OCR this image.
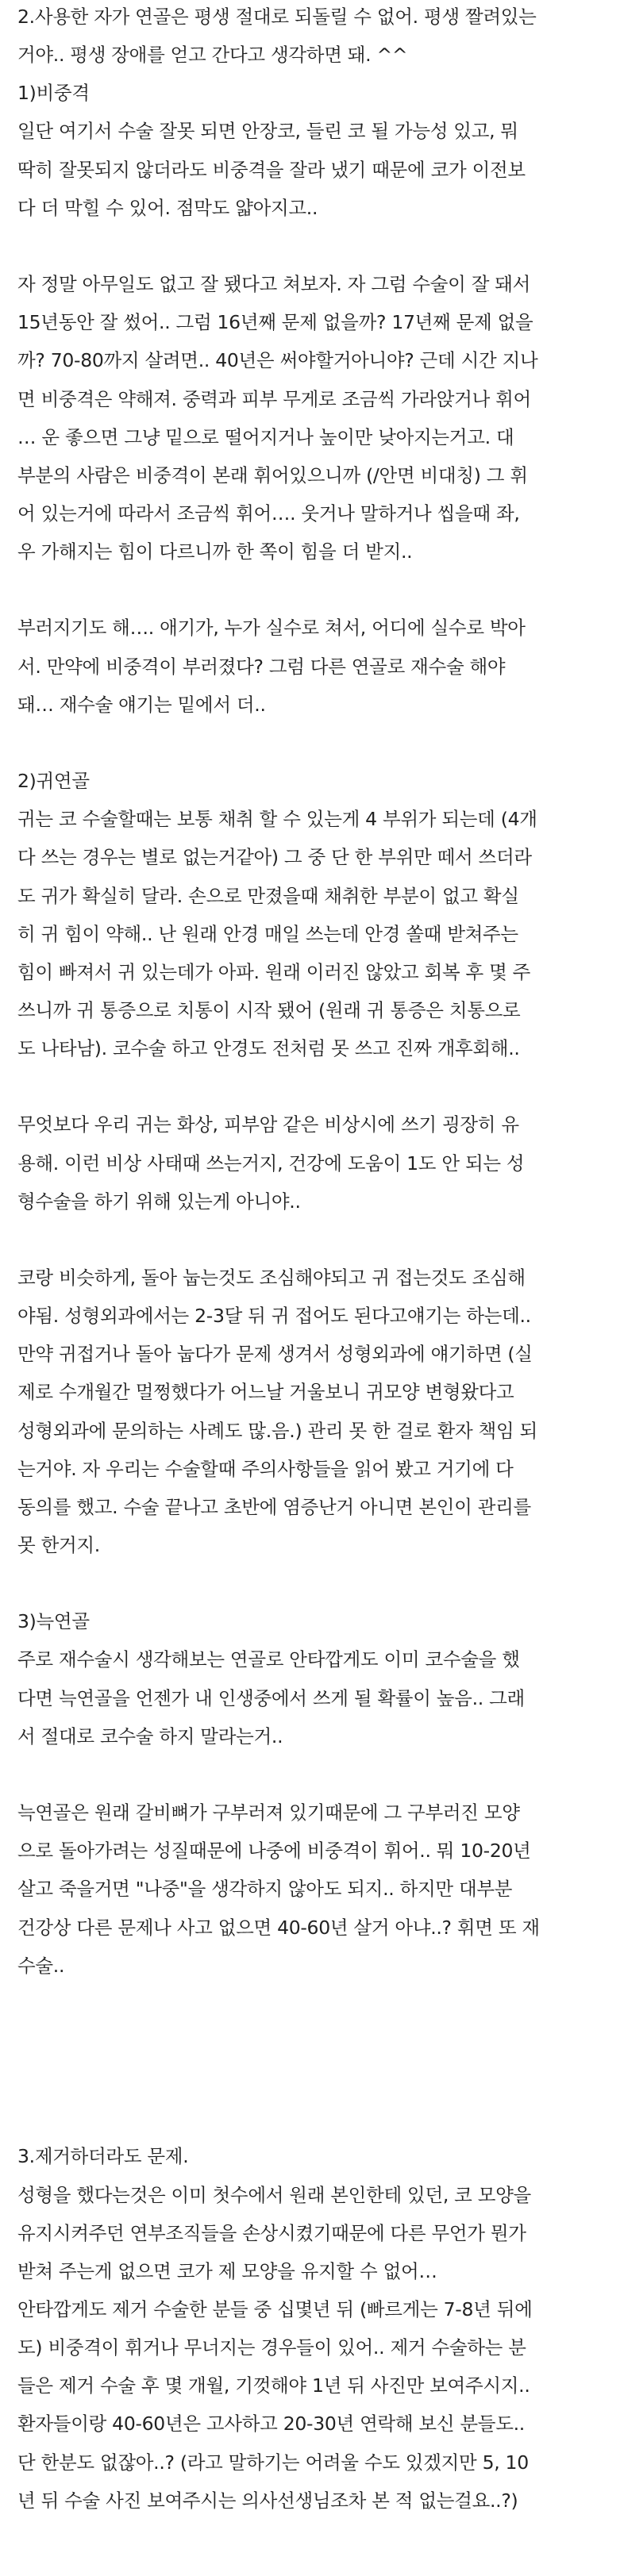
2.사용한 자가 연골은 평생 절대로 되돌릴 수 없어. 평생 짤려있는
거야.. 평생 장애를 얻고 간다고 생각하면 돼. ^^
1)비중격
일단 여기서 수술 잘못 되면 안장코, 들린 코 될 가능성 있고, 뭐
딱히 잘못되지 않더라도 비중격을 잘라 냈기 때문에 코가 이전보
다 더 막힐 수 있어. 점막도 얇아지고..
자 정말 아무일도 없고 잘 됐다고 쳐보자. 자 그럼 수술이 잘 돼서
15년동안 잘 썼어.. 그럼 16년째 문제 없을까? 17년째 문제 없을
까? 70-80까지 살려면.. 40년은 써야할거아니야? 근데 시간 지나
면 비중격은 약해져. 중력과 피부 무게로 조금씩 가라앉거나 휘어
… 운 좋으면 그냥 밑으로 떨어지거나 높이만 낮아지는거고. 대
부분의 사람은 비중격이 본래 휘어있으니까 (/안면 비대칭) 그 휘
어 있는거에 따라서 조금씩 휘어…. 웃거나 말하거나 씹을때 좌,
우 가해지는 힘이 다르니까 한 쪽이 힘을 더 받지..
부러지기도 해…. 애기가, 누가 실수로 쳐서, 어디에 실수로 박아
서. 만약에 비중격이 부러졌다? 그럼 다른 연골로 재수술 해야
돼… 재수술 얘기는 밑에서 더..
2)귀연골
귀는 코 수술할때는 보통 채취 할 수 있는게 4 부위가 되는데 (4개
다 쓰는 경우는 별로 없는거같아) 그 중 단 한 부위만 떼서 쓰더라
도 귀가 확실히 달라. 손으로 만졌을때 채취한 부분이 없고 확실
히 귀 힘이 약해.. 난 원래 안경 매일 쓰는데 안경 쏠때 받쳐주는
힘이 빠져서 귀 있는데가 아파. 원래 이러진 않았고 회복 후 몇 주
쓰니까 귀 통증으로 치통이 시작 됐어 (원래 귀 통증은 치통으로
도 나타남). 코수술 하고 안경도 전처럼 못 쓰고 진짜 개후회해..
무엇보다 우리 귀는 화상, 피부암 같은 비상시에 쓰기 굉장히 유
용해. 이런 비상 사태때 쓰는거지, 건강에 도움이 1도 안 되는 성
형수술을 하기 위해 있는게 아니야..
코랑 비슷하게, 돌아 눕는것도 조심해야되고 귀 접는것도 조심해
야됨. 성형외과에서는 2-3달 뒤 귀 접어도 된다고얘기는 하는데..
만약 귀접거나 돌아 눕다가 문제 생겨서 성형외과에 얘기하면 (실
제로 수개월간 멀쩡했다가 어느날 거울보니 귀모양 변형왔다고
성형외과에 문의하는 사례도 많.음.) 관리 못 한 걸로 환자 책임 되
는거야. 자 우리는 수술할때 주의사항들을 읽어 봤고 거기에 다
동의를 했고. 수술 끝나고 초반에 염증난거 아니면 본인이 관리를
못 한거지.
3)늑연골
주로 재수술시 생각해보는 연골로 안타깝게도 이미 코수술을 했
다면 늑연골을 언젠가 내 인생중에서 쓰게 될 확률이 높음.. 그래
서 절대로 코수술 하지 말라는거..
늑연골은 원래 갈비뼈가 구부러져 있기때문에 그 구부러진 모양
으로 돌아가려는 성질때문에 나중에 비중격이 휘어.. 뭐 10-20년
살고 죽을거면 "나중"을 생각하지 않아도 되지.. 하지만 대부분
건강상 다른 문제나 사고 없으면 40-60년 살거 아냐..? 휘면 또 재
수술..
3.제거하더라도 문제.
성형을 했다는것은 이미 첫수에서 원래 본인한테 있던, 코 모양을
유지시켜주던 연부조직들을 손상시켰기때문에 다른 무언가 뭔가
받쳐 주는게 없으면 코가 제 모양을 유지할 수 없어…
안타깝게도 제거 수술한 분들 중 십몇년 뒤 (빠르게는 7-8년 뒤에
도) 비중격이 휘거나 무너지는 경우들이 있어.. 제거 수술하는 분
들은 제거 수술 후 몇 개월, 기껏해야 1년 뒤 사진만 보여주시지..
환자들이랑 40-60년은 고사하고 20-30년 연락해 보신 분들도..
단 한분도 없잖아..? (라고 말하기는 어려울 수도 있겠지만 5, 10
년 뒤 수술 사진 보여주시는 의사선생님조차 본 적 없는걸요..?)
